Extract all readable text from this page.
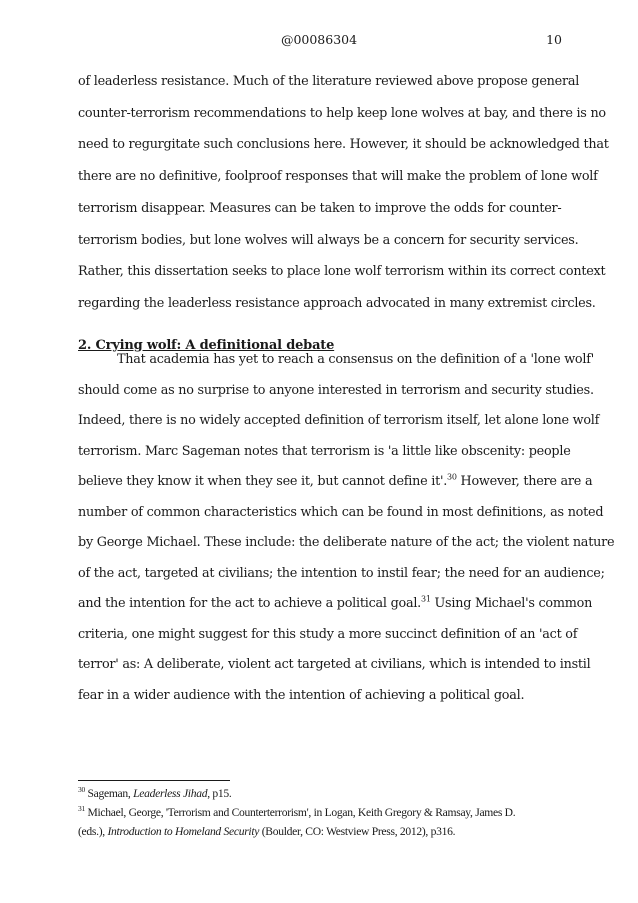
@00086304	10
of leaderless resistance. Much of the literature reviewed above propose general
counter-terrorism recommendations to help keep lone wolves at bay, and there is no
need to regurgitate such conclusions here. However, it should be acknowledged that
there are no definitive, foolproof responses that will make the problem of lone wolf
terrorism disappear. Measures can be taken to improve the odds for counter-
terrorism bodies, but lone wolves will always be a concern for security services.
Rather, this dissertation seeks to place lone wolf terrorism within its correct context
2. Crying wolf: A definitional debate
That academia has yet to reach a consensus on the definition of a 'lone wolf'
should come as no surprise to anyone interested in terrorism and security studies.
Indeed, there is no widely accepted definition of terrorism itself, let alone lone wolf
terrorism. Marc Sageman notes that terrorism is 'a little like obscenity: people
believe they know it when they see it, but cannot define it'.$^{30}$ However, there are a
number of common characteristics which can be found in most definitions, as noted
by George Michael. These include: the deliberate nature of the act; the violent nature
of the act, targeted at civilians; the intention to instil fear; the need for an audience;
and the intention for the act to achieve a political goal.$^{31}$ Using Michael's common
criteria, one might suggest for this study a more succinct definition of an 'act of
$^{30}$ Sageman, Leaderless Jihad, p15.
$^{31}$ Michael, George, 'Terrorism and Counterterrorism', in Logan, Keith Gregory & Ramsay, James D.
(eds.), Introduction to Homeland Security (Boulder, CO: Westview Press, 2012), p316.
regarding the leaderless resistance approach advocated in many extremist circles.
terror' as: A deliberate, violent act targeted at civilians, which is intended to instil
fear in a wider audience with the intention of achieving a political goal.
